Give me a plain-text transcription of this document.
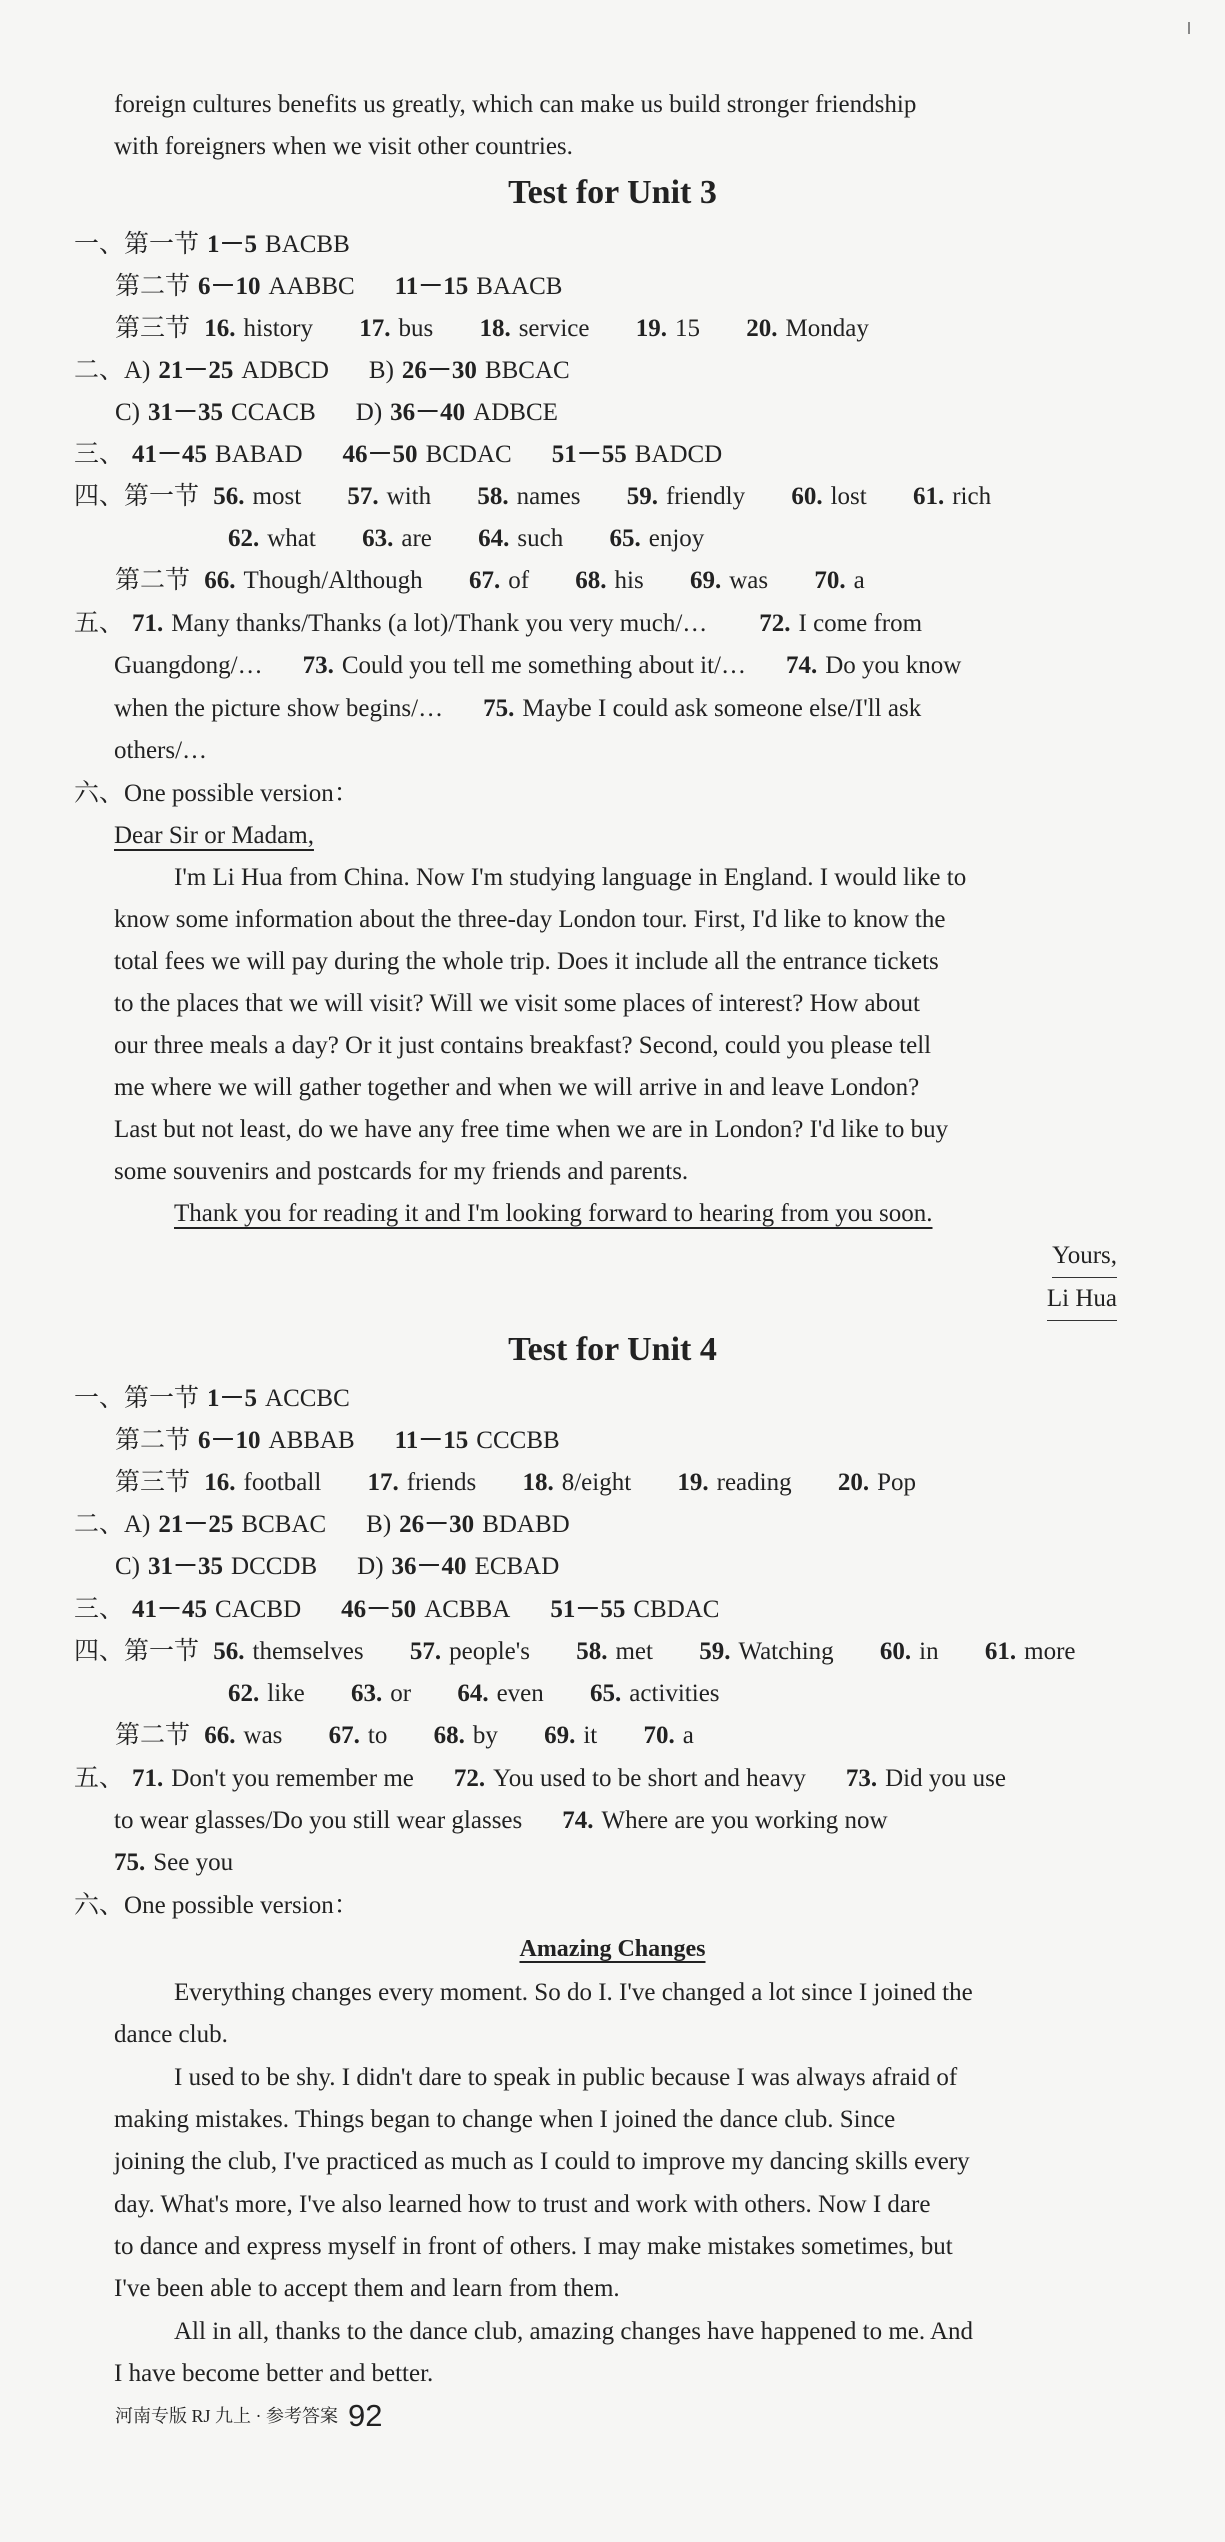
foreign cultures benefits us greatly, which can make us build stronger friendship
with foreigners when we visit other countries.
Test for Unit 3
一、第一节 1－5 BACBB
第二节 6－10 AABBC 11－15 BAACB
第三节 16. history 17. bus 18. service 19. 15 20. Monday
二、A) 21－25 ADBCD B) 26－30 BBCAC
C) 31－35 CCACB D) 36－40 ADBCE
三、 41－45 BABAD 46－50 BCDAC 51－55 BADCD
四、第一节 56. most 57. with 58. names 59. friendly 60. lost 61. rich
62. what 63. are 64. such 65. enjoy
第二节 66. Though/Although 67. of 68. his 69. was 70. a
五、 71. Many thanks/Thanks (a lot)/Thank you very much/… 72. I come from
Guangdong/… 73. Could you tell me something about it/… 74. Do you know
when the picture show begins/… 75. Maybe I could ask someone else/I'll ask
others/…
六、One possible version：
Dear Sir or Madam,
I'm Li Hua from China. Now I'm studying language in England. I would like to
know some information about the three-day London tour. First, I'd like to know the
total fees we will pay during the whole trip. Does it include all the entrance tickets
to the places that we will visit? Will we visit some places of interest? How about
our three meals a day? Or it just contains breakfast? Second, could you please tell
me where we will gather together and when we will arrive in and leave London?
Last but not least, do we have any free time when we are in London? I'd like to buy
some souvenirs and postcards for my friends and parents.
Thank you for reading it and I'm looking forward to hearing from you soon.
Yours,
Li Hua
Test for Unit 4
一、第一节 1－5 ACCBC
第二节 6－10 ABBAB 11－15 CCCBB
第三节 16. football 17. friends 18. 8/eight 19. reading 20. Pop
二、A) 21－25 BCBAC B) 26－30 BDABD
C) 31－35 DCCDB D) 36－40 ECBAD
三、 41－45 CACBD 46－50 ACBBA 51－55 CBDAC
四、第一节 56. themselves 57. people's 58. met 59. Watching 60. in 61. more
62. like 63. or 64. even 65. activities
第二节 66. was 67. to 68. by 69. it 70. a
五、 71. Don't you remember me 72. You used to be short and heavy 73. Did you use
to wear glasses/Do you still wear glasses 74. Where are you working now
75. See you
六、One possible version：
Amazing Changes
Everything changes every moment. So do I. I've changed a lot since I joined the
dance club.
I used to be shy. I didn't dare to speak in public because I was always afraid of
making mistakes. Things began to change when I joined the dance club. Since
joining the club, I've practiced as much as I could to improve my dancing skills every
day. What's more, I've also learned how to trust and work with others. Now I dare
to dance and express myself in front of others. I may make mistakes sometimes, but
I've been able to accept them and learn from them.
All in all, thanks to the dance club, amazing changes have happened to me. And
I have become better and better.
河南专版 RJ 九上 · 参考答案 92
